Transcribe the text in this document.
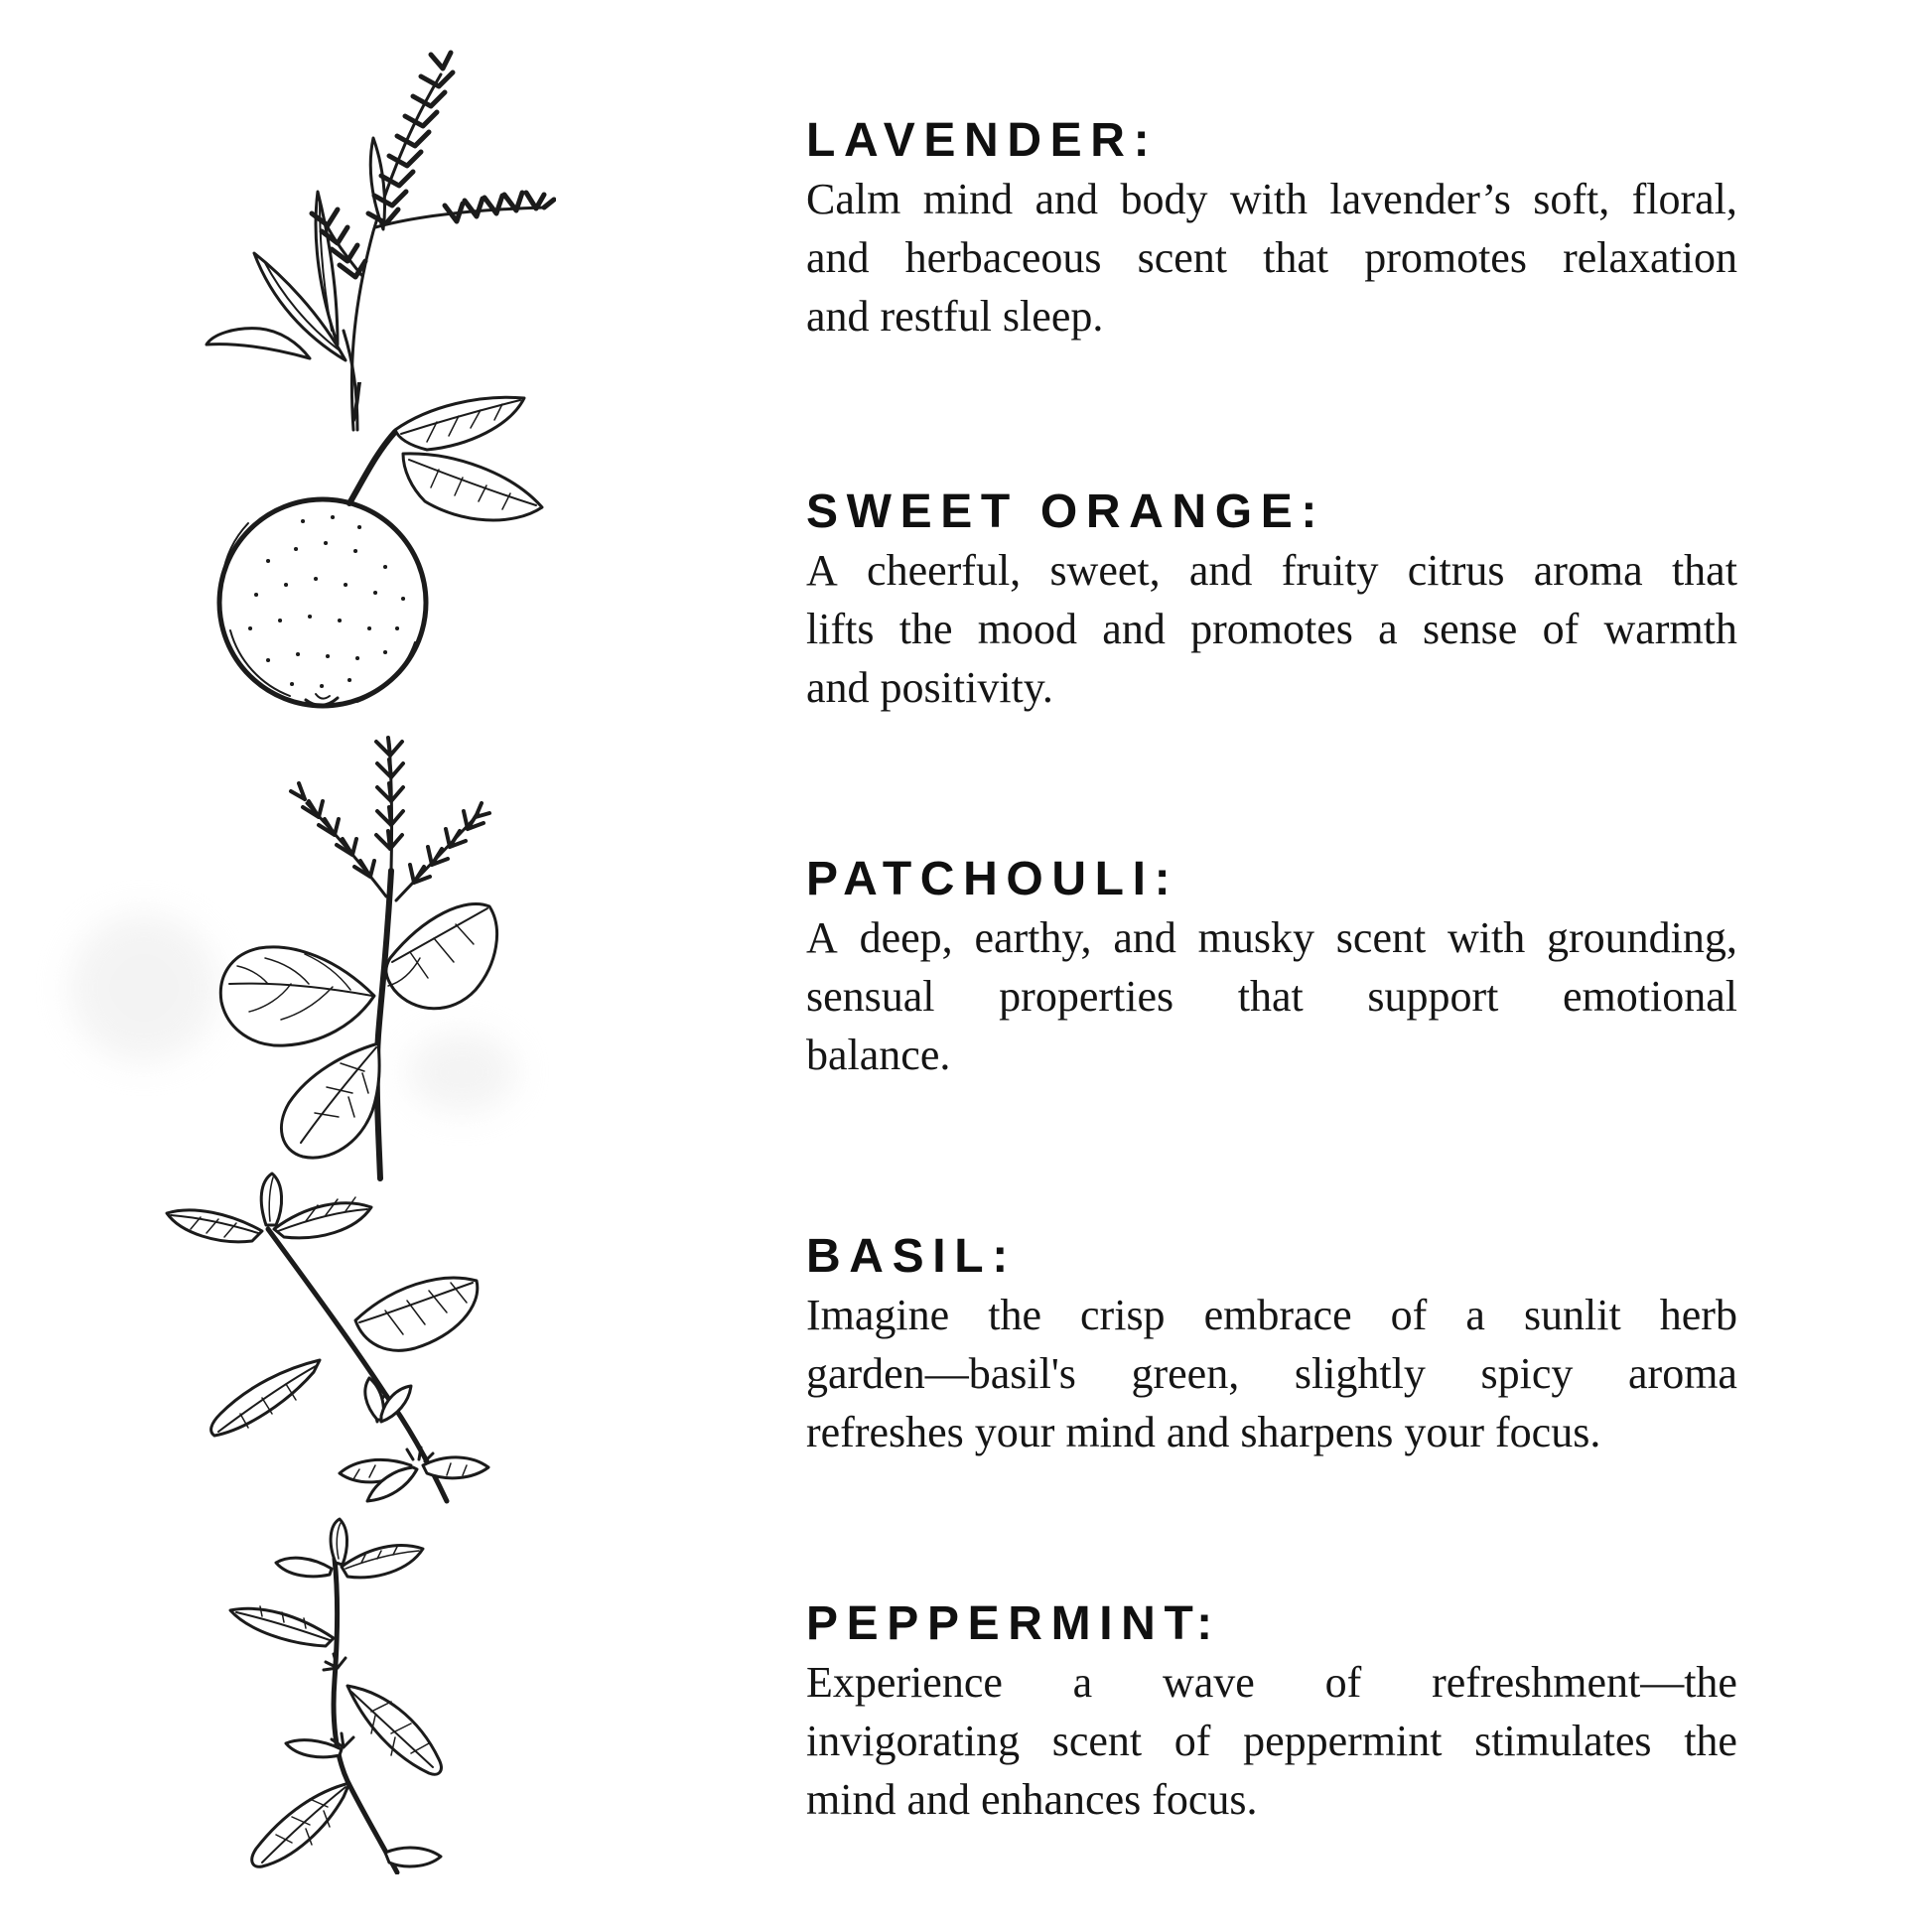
LAVENDER:

Calm mind and body with lavender’s soft, floral,

and herbaceous scent that promotes relaxation

and restful sleep.

SWEET ORANGE:

A cheerful, sweet, and fruity citrus aroma that

lifts the mood and promotes a sense of warmth

and positivity.

PATCHOULI:

A deep, earthy, and musky scent with grounding,

sensual properties that support emotional

balance.

BASIL:

Imagine the crisp embrace of a sunlit herb

garden—basil's green, slightly spicy aroma

refreshes your mind and sharpens your focus.

PEPPERMINT:

Experience a wave of refreshment—the

invigorating scent of peppermint stimulates the

mind and enhances focus.
